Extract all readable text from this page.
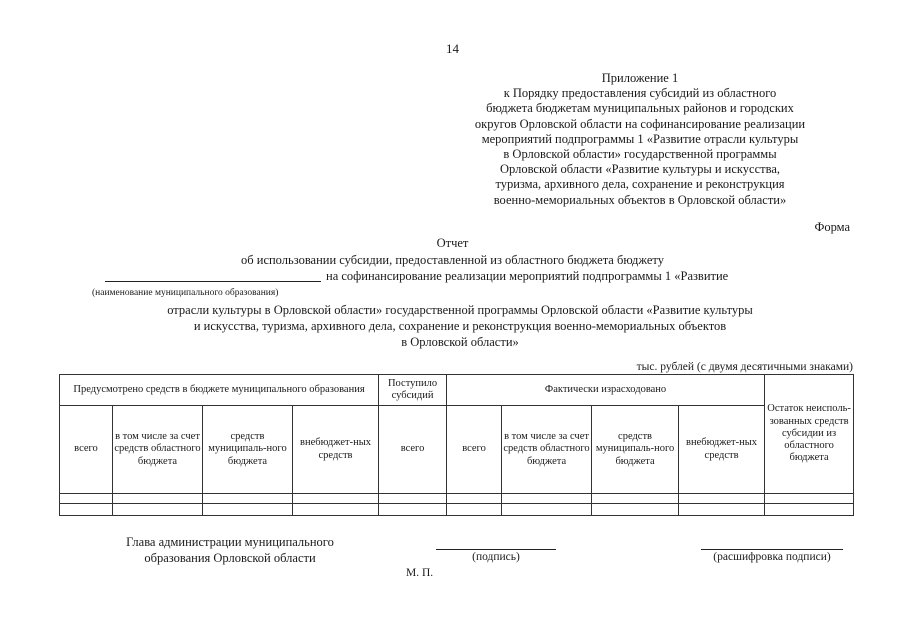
14
Приложение 1
к Порядку предоставления субсидий из областного
бюджета бюджетам муниципальных районов и городских
округов Орловской области на софинансирование реализации
мероприятий подпрограммы 1 «Развитие отрасли культуры
в Орловской области» государственной программы
Орловской области «Развитие культуры и искусства,
туризма, архивного дела, сохранение и реконструкция
военно-мемориальных объектов в Орловской области»
Форма
Отчет
об использовании субсидии, предоставленной из областного бюджета бюджету
на софинансирование реализации мероприятий подпрограммы 1 «Развитие
(наименование муниципального образования)
отрасли культуры в Орловской области» государственной программы Орловской области «Развитие культуры
и искусства, туризма, архивного дела, сохранение и реконструкция военно-мемориальных объектов
в Орловской области»
тыс. рублей (с двумя десятичными знаками)
Предусмотрено средств в бюджете муниципального образования				Поступило субсидий	Фактически израсходовано				Остаток неисполь-зованных средств субсидии из областного бюджета
всего	в том числе за счет средств областного бюджета	средств муниципаль-ного бюджета	внебюджет-ных средств	всего	всего	в том числе за счет средств областного бюджета	средств муниципаль-ного бюджета	внебюджет-ных средств	

Глава администрации муниципального
образования Орловской области	(подпись)	(расшифровка подписи)
М. П.
